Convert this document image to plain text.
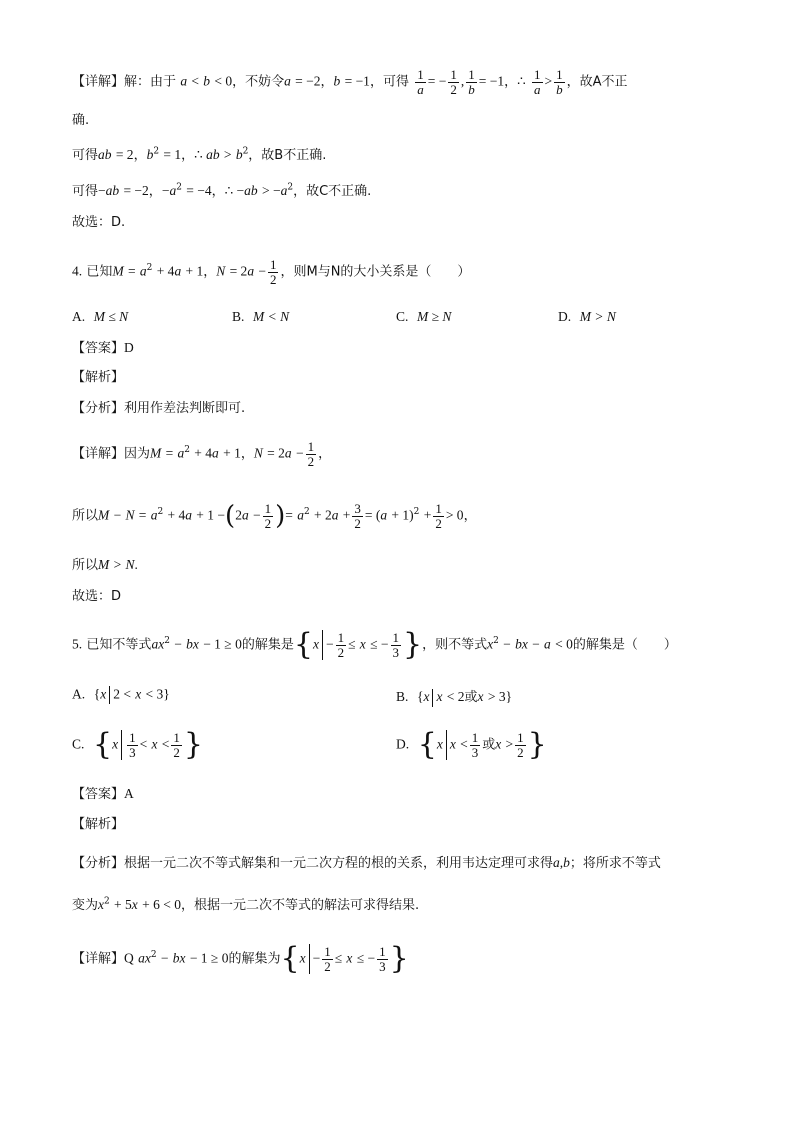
【详解】解：由于 a < b < 0，不妨令a = −2，b = −1，可得 $\frac{1}{a}$ = − $\frac{1}{2}$ , $\frac{1}{b} = -1$，∴ $\frac{1}{a} > \frac{1}{b}$ ，故A不正
确.
可得ab = 2，$b^2 = 1$，∴ ab > $b^2$，故B不正确.
可得−ab = −2，$-a^2 = -4$，∴ $-ab > -a^2$，故C不正确.
故选：D.
4. 已知$M = a^2 + 4a + 1$，$N = 2a - \frac{1}{2}$ ，则M与N的大小关系是（　　）
A. M ≤ N	B. M < N	C. M ≥ N	D. M > N
【答案】D
【解析】
【分析】利用作差法判断即可.
【详解】因为$M = a^2 + 4a + 1$，$N = 2a - \frac{1}{2}$ ，
所以$M - N = a^2 + 4a + 1 -(2a - \frac{1}{2}$ )= $a^2 + 2a + \frac{3}{2} = (a + 1)^2 + \frac{1}{2} > 0$，
所以M > N.
故选：D
5. 已知不等式$ax^2$ − bx − 1 ≥ 0的解集是{$x - \frac{1}{2} \le x$ ≤ − $\frac{1}{3}$ }，则不等式$x^2$ − bx − a < 0的解集是（　　）
A. {x 2 < x < 3}	B. {x x < 2或x > 3}
C. {$x \frac{1}{3} < x < \frac{1}{2}$ }	D. {x $x < \frac{1}{3}$ 或$x > \frac{1}{2}$ }
【答案】A
【解析】
【分析】根据一元二次不等式解集和一元二次方程的根的关系，利用韦达定理可求得a,b；将所求不等式
变为$x^2 + 5x + 6 < 0$，根据一元二次不等式的解法可求得结果.
【详解】Q $ax^2$ − bx − 1 ≥ 0的解集为{$x - \frac{1}{2} \le x$ ≤ − $\frac{1}{3}$ }
